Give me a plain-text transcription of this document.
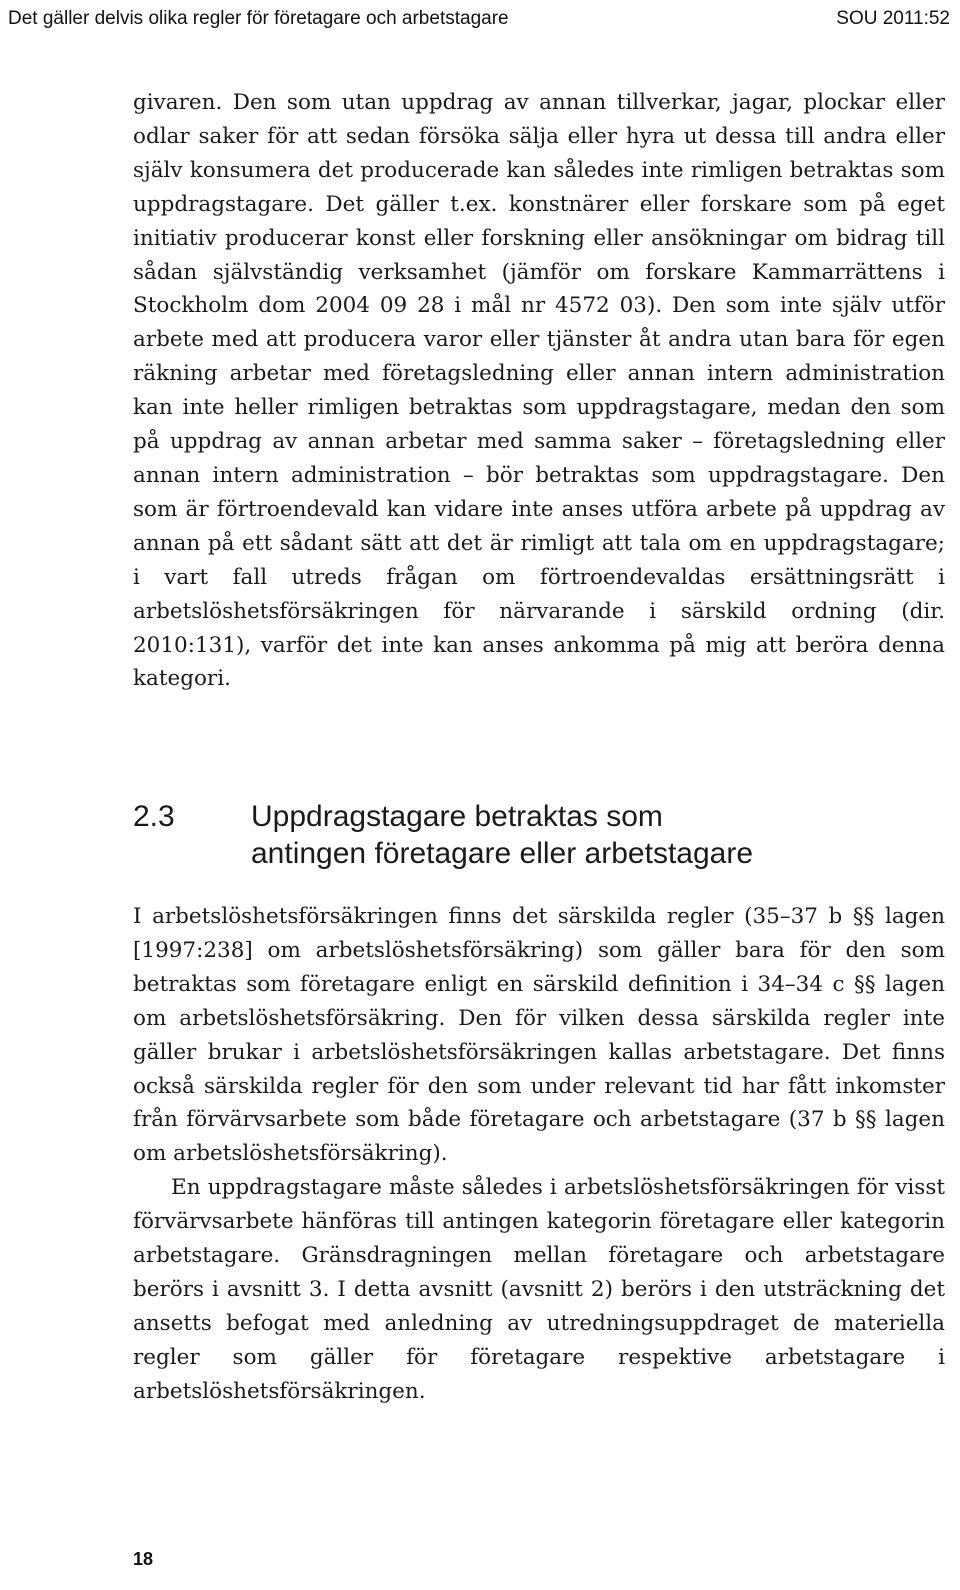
Det gäller delvis olika regler för företagare och arbetstagare	SOU 2011:52

givaren. Den som utan uppdrag av annan tillverkar, jagar, plockar eller odlar saker för att sedan försöka sälja eller hyra ut dessa till andra eller själv konsumera det producerade kan således inte rimligen betraktas som uppdragstagare. Det gäller t.ex. konstnärer eller forskare som på eget initiativ producerar konst eller forskning eller ansökningar om bidrag till sådan självständig verksamhet (jämför om forskare Kammarrättens i Stockholm dom 2004 09 28 i mål nr 4572 03). Den som inte själv utför arbete med att producera varor eller tjänster åt andra utan bara för egen räkning arbetar med företagsledning eller annan intern administration kan inte heller rimligen betraktas som uppdragstagare, medan den som på uppdrag av annan arbetar med samma saker – företagsledning eller annan intern administration – bör betraktas som uppdragstagare. Den som är förtroendevald kan vidare inte anses utföra arbete på uppdrag av annan på ett sådant sätt att det är rimligt att tala om en uppdragstagare; i vart fall utreds frågan om förtroendevaldas ersättningsrätt i arbetslöshetsförsäkringen för närvarande i särskild ordning (dir. 2010:131), varför det inte kan anses ankomma på mig att beröra denna kategori.

2.3	Uppdragstagare betraktas som antingen företagare eller arbetstagare

I arbetslöshetsförsäkringen finns det särskilda regler (35–37 b §§ lagen [1997:238] om arbetslöshetsförsäkring) som gäller bara för den som betraktas som företagare enligt en särskild definition i 34–34 c §§ lagen om arbetslöshetsförsäkring. Den för vilken dessa särskilda regler inte gäller brukar i arbetslöshetsförsäkringen kallas arbetstagare. Det finns också särskilda regler för den som under relevant tid har fått inkomster från förvärvsarbete som både företagare och arbetstagare (37 b §§ lagen om arbetslöshetsförsäkring).

En uppdragstagare måste således i arbetslöshetsförsäkringen för visst förvärvsarbete hänföras till antingen kategorin företagare eller kategorin arbetstagare. Gränsdragningen mellan företagare och arbetstagare berörs i avsnitt 3. I detta avsnitt (avsnitt 2) berörs i den utsträckning det ansetts befogat med anledning av utredningsuppdraget de materiella regler som gäller för företagare respektive arbetstagare i arbetslöshetsförsäkringen.

18
